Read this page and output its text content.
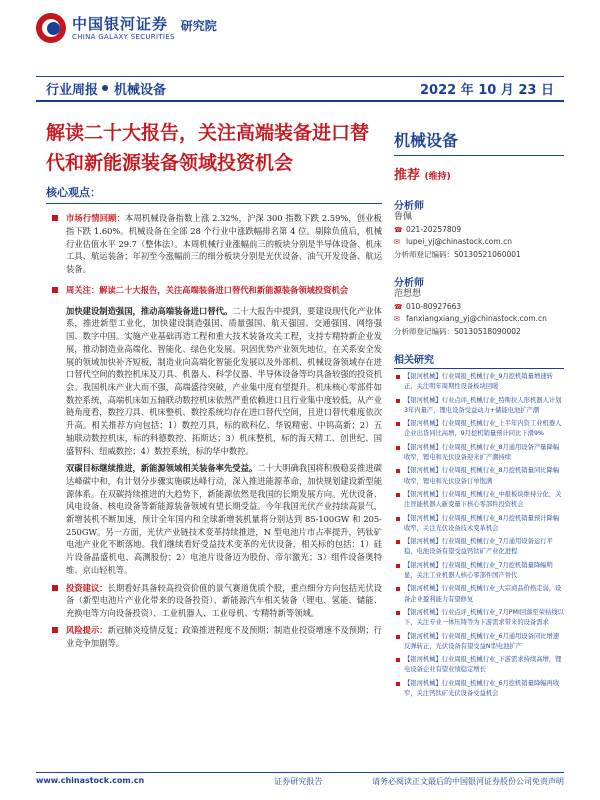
中国银河证券
CHINA GALAXY SECURITIES
研究院
行业周报 机械设备	2022 年 10 月 23 日
解读二十大报告，关注高端装备进口替代和新能源装备领域投资机会
核心观点：
市场行情回顾：本周机械设备指数上涨 2.32%，沪深 300 指数下跌 2.59%，创业板指下跌 1.60%。机械设备在全部 28 个行业中涨跌幅排名第 4 位。剔除负值后，机械行业估值水平 29.7（整体法）。本周机械行业涨幅前三的板块分别是半导体设备、机床工具、航运装备；年初至今涨幅前三的细分板块分别是光伏设备、油气开发设备、航运装备。
周关注：解读二十大报告，关注高端装备进口替代和新能源装备领域投资机会
加快建设制造强国，推动高端装备进口替代。二十大报告中提到，要建设现代化产业体系，推进新型工业化，加快建设制造强国、质量强国、航天强国、交通强国、网络强国、数字中国。实施产业基础再造工程和重大技术装备攻关工程，支持专精特新企业发展，推动制造业高端化、智能化、绿色化发展。巩固优势产业领先地位，在关系安全发展的领域加快补齐短板，制造业向高端化智能化发展以及外部机、机械设备领域存在进口替代空间的数控机床及刀具、机器人、科学仪器、半导体设备等均具备较强的投资机会。我国机床产业大而不强，高端盛待突破，产业集中度有望提升。机床核心零部件如数控系统，高端机床如五轴联动数控机床依然严重依赖进口且行业集中度较低，从产业链角度看，数控刀具、机床整机、数控系统均存在进口替代空间，且进口替代难度依次升高。相关推荐方向包括：1）数控刀具，标的欧科亿、华锐精密、中钨高新；2）五轴联动数控机床，标的科德数控、拓斯达；3）机床整机，标的海天精工、创世纪、国盛智科、纽威数控；4）数控系统，标的华中数控。
双碳目标继续推进，新能源领域相关装备率先受益。二十大明确我国将积极稳妥推进碳达峰碳中和，有计划分步骤实施碳达峰行动，深入推进能源革命，加快规划建设新型能源体系。在双碳持续推进的大趋势下，新能源依然是我国的长期发展方向。光伏设备、风电设备、核电设备等新能源装备领域有望长期受益。今年我国光伏产业持续高景气，新增装机不断加速，预计全年国内和全球新增装机量将分别达到 85-100GW 和 205-250GW。另一方面，光伏产业链技术变革持续推进，N 型电池片市占率提升，钙钛矿电池产业化不断落地。我们继续看好受益技术变革的光伏设备，相关标的包括：1）硅片设备晶盛机电、高测股份；2）电池片设备迈为股份、帝尔激光；3）组件设备奥特维、京山轻机等。
投资建议：长期看好具备较高投资价值的景气赛道优质个股，重点细分方向包括光伏设备（新型电池片产业化带来的设备投资）、新能源汽车相关装备（锂电、氢能、储能、充换电等方向设备投资）、工业机器人、工业母机、专精特新等领域。
风险提示：新冠肺炎疫情反复；政策推进程度不及预期；制造业投资增速不及预期；行业竞争加剧等。
机械设备
推荐 (维持)
分析师
鲁佩
☎ 021-20257809
✉ lupei_yj@chinastock.com.cn
分析师登记编码：S0130521060001
分析师
范想想
☎ 010-80927663
✉ fanxiangxiang_yj@chinastock.com.cn
分析师登记编码：S0130518090002
相关研究
【银河机械】行业周报_机械行业_9月挖机销量增速转正，关注明年周期性设备板块回暖
【银河机械】行业点评_机械行业_特斯拉人形机器人计划3年内量产，锂电设备受益动力+储能电池扩产潮
【银河机械】行业周报_机械行业_上半年内资工业机器人企业出货同比高增，9月挖机销量预计同比下滑9%
【银河机械】行业周报_机械行业_8月通用设备产量降幅收窄，锂电和光伏设备迎来扩产潮持续
【银河机械】行业周报_机械行业_8月挖机销量同比降幅收窄，锂电和光伏设备订单饱满
【银河机械】行业周报_机械行业_中报板块维持分化，关注智能机器人新变量下核心零部件投资机会
【银河机械】行业周报_机械行业_8月挖机销量预计降幅收窄，关注光伏设备技术变革机会
【银河机械】行业周报_机械行业_7月通用设备运行平稳，电池设备有望受益钙钛矿产业化进程
【银河机械】行业周报_机械行业_7月挖机销量降幅明显，关注工业机器人核心零部件国产替代
【银河机械】行业周报_机械行业_大宗商品价格走弱，设备企业盈利能力有望修复
【银河机械】行业点评_机械行业_7月PMI回落至荣枯线以下，关注专业一体压铸等为下游需求带来的设备需求
【银河机械】行业周报_机械行业_6月通用设备同比增速反弹转正，光伏设备有望受益N型电池扩产
【银河机械】行业周报_机械行业_下游需求持续高增，锂电设备企业有望业绩稳定增长
【银河机械】行业周报_机械行业_6月挖机销量降幅再收窄，关注钙钛矿光伏设备受益机会
www.chinastock.com.cn	证券研究报告	请务必阅读正文最后的中国银河证券股份公司免责声明
